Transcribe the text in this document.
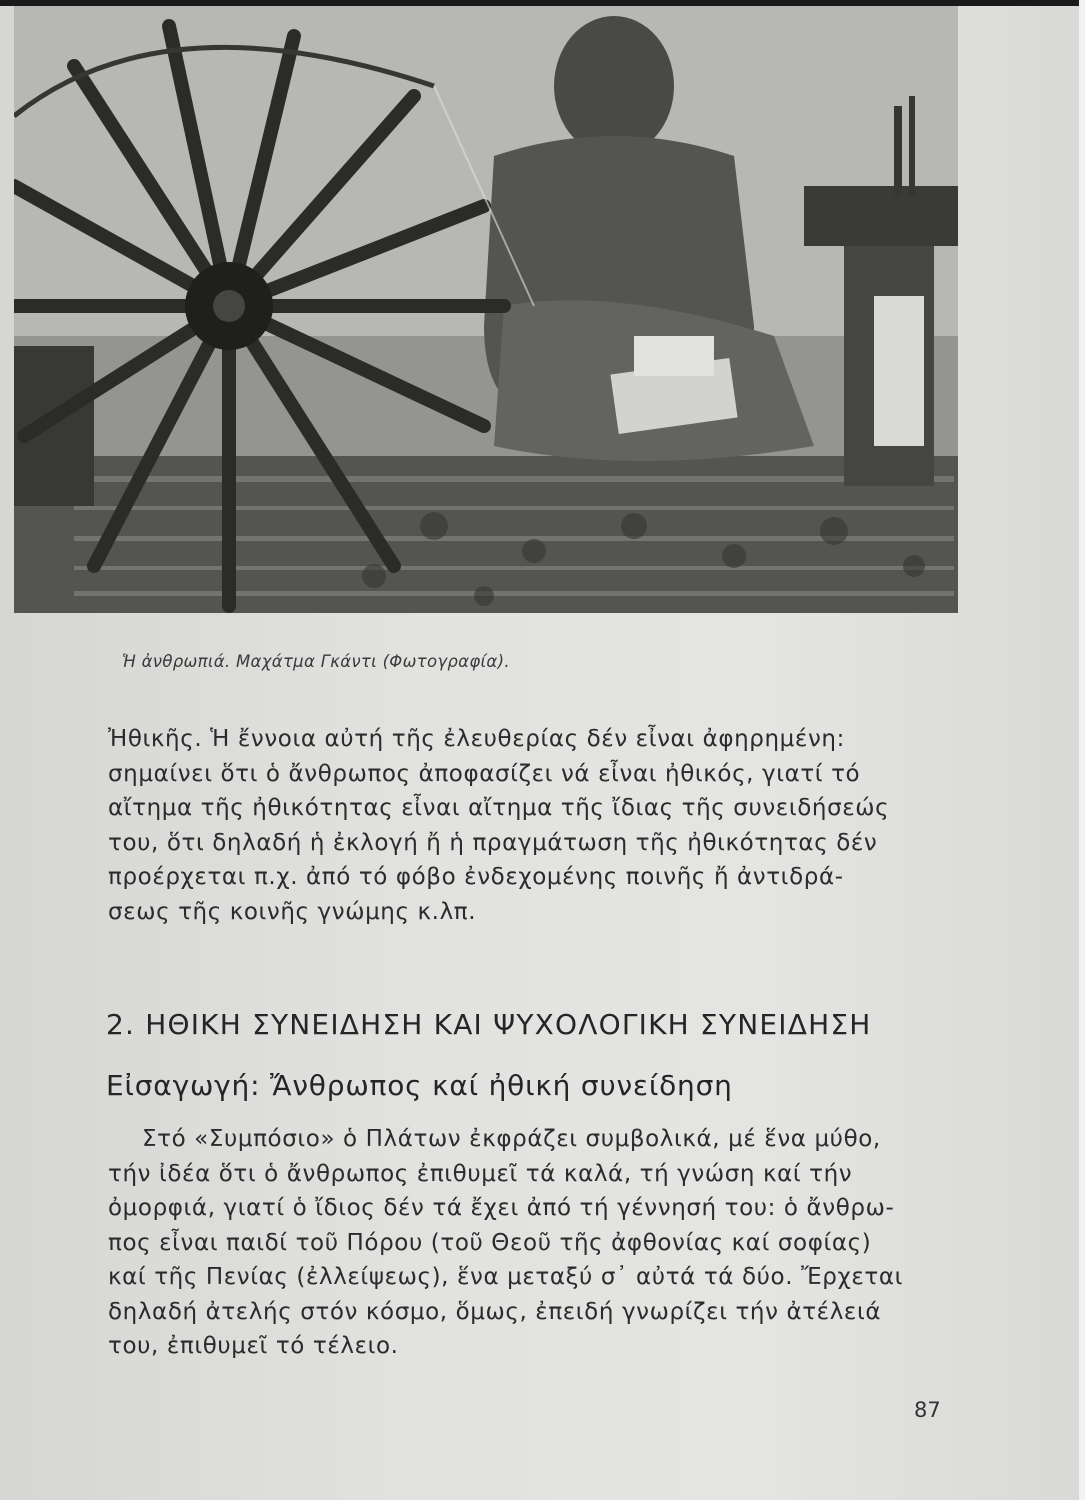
Ἡ ἀνθρωπιά. Μαχάτμα Γκάντι (Φωτογραφία).

Ἠθικῆς. Ἡ ἔννοια αὐτή τῆς ἐλευθερίας δέν εἶναι ἀφηρημένη:
σημαίνει ὅτι ὁ ἄνθρωπος ἀποφασίζει νά εἶναι ἠθικός, γιατί τό
αἴτημα τῆς ἠθικότητας εἶναι αἴτημα τῆς ἴδιας τῆς συνειδήσεώς
του, ὅτι δηλαδή ἡ ἐκλογή ἤ ἡ πραγμάτωση τῆς ἠθικότητας δέν
προέρχεται π.χ. ἀπό τό φόβο ἐνδεχομένης ποινῆς ἤ ἀντιδρά-
σεως τῆς κοινῆς γνώμης κ.λπ.

2. ΗΘΙΚΗ ΣΥΝΕΙΔΗΣΗ ΚΑΙ ΨΥΧΟΛΟΓΙΚΗ ΣΥΝΕΙΔΗΣΗ
Εἰσαγωγή: Ἄνθρωπος καί ἠθική συνείδηση

Στό «Συμπόσιο» ὁ Πλάτων ἐκφράζει συμβολικά, μέ ἕνα μύθο,
τήν ἰδέα ὅτι ὁ ἄνθρωπος ἐπιθυμεῖ τά καλά, τή γνώση καί τήν
ὀμορφιά, γιατί ὁ ἴδιος δέν τά ἔχει ἀπό τή γέννησή του: ὁ ἄνθρω-
πος εἶναι παιδί τοῦ Πόρου (τοῦ Θεοῦ τῆς ἀφθονίας καί σοφίας)
καί τῆς Πενίας (ἐλλείψεως), ἕνα μεταξύ σ᾽ αὐτά τά δύο. Ἔρχεται
δηλαδή ἀτελής στόν κόσμο, ὅμως, ἐπειδή γνωρίζει τήν ἀτέλειά
του, ἐπιθυμεῖ τό τέλειο.

87
